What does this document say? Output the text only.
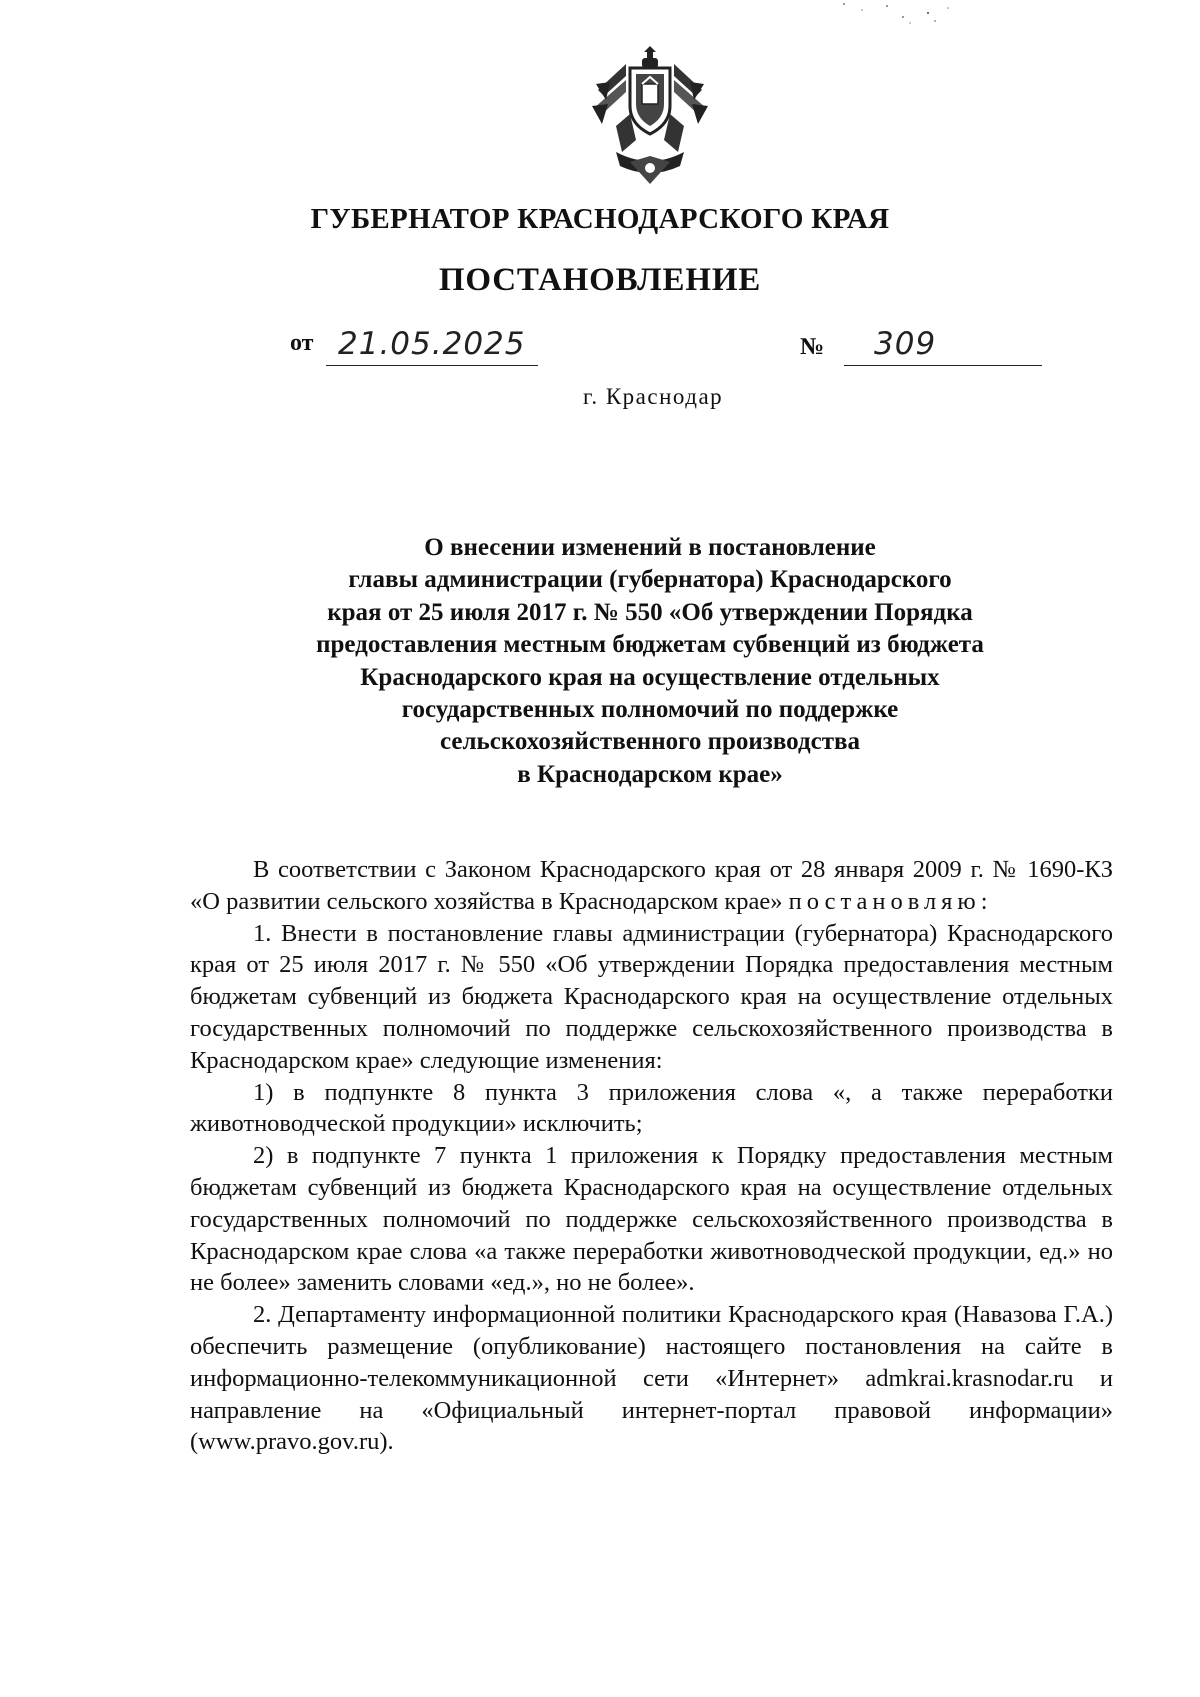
ГУБЕРНАТОР КРАСНОДАРСКОГО КРАЯ
ПОСТАНОВЛЕНИЕ
от 21.05.2025	№ 309
г. Краснодар
О внесении изменений в постановление
главы администрации (губернатора) Краснодарского
края от 25 июля 2017 г. № 550 «Об утверждении Порядка
предоставления местным бюджетам субвенций из бюджета
Краснодарского края на осуществление отдельных
государственных полномочий по поддержке
сельскохозяйственного производства
в Краснодарском крае»

В соответствии с Законом Краснодарского края от 28 января 2009 г. № 1690-КЗ «О развитии сельского хозяйства в Краснодарском крае» постановляю:

1. Внести в постановление главы администрации (губернатора) Краснодарского края от 25 июля 2017 г. № 550 «Об утверждении Порядка предоставления местным бюджетам субвенций из бюджета Краснодарского края на осуществление отдельных государственных полномочий по поддержке сельскохозяйственного производства в Краснодарском крае» следующие изменения:

1) в подпункте 8 пункта 3 приложения слова «, а также переработки животноводческой продукции» исключить;

2) в подпункте 7 пункта 1 приложения к Порядку предоставления местным бюджетам субвенций из бюджета Краснодарского края на осуществление отдельных государственных полномочий по поддержке сельскохозяйственного производства в Краснодарском крае слова «а также переработки животноводческой продукции, ед.» но не более» заменить словами «ед.», но не более».

2. Департаменту информационной политики Краснодарского края (Навазова Г.А.) обеспечить размещение (опубликование) настоящего постановления на сайте в информационно-телекоммуникационной сети «Интернет» admkrai.krasnodar.ru и направление на «Официальный интернет-портал правовой информации» (www.pravo.gov.ru).
